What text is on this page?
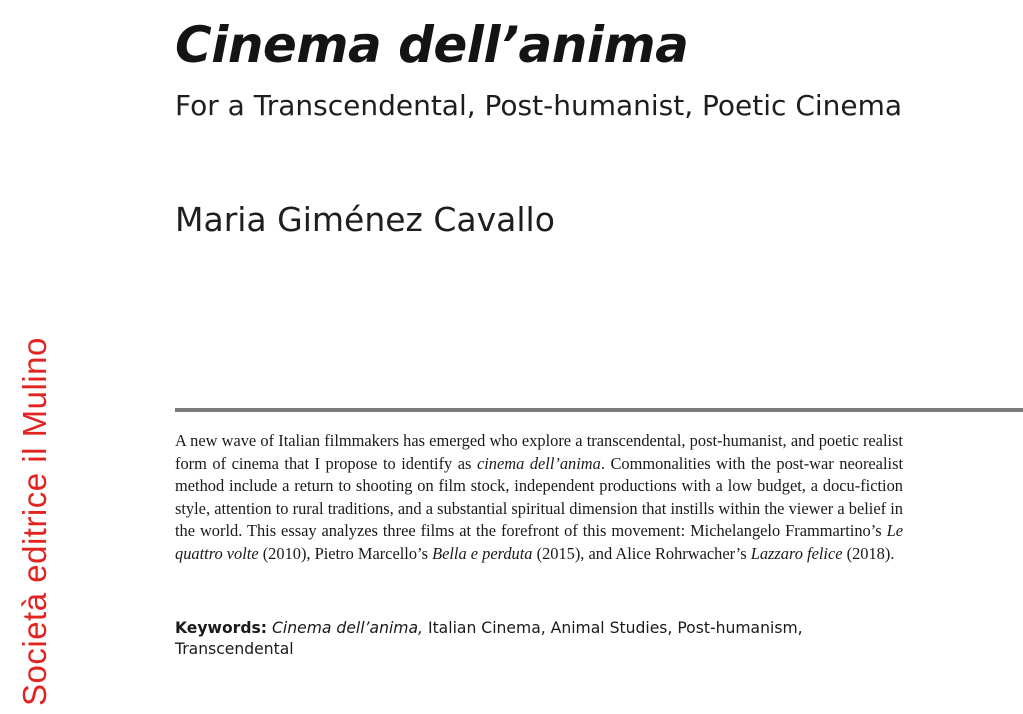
Società editrice il Mulino
Cinema dell’anima
For a Transcendental, Post-humanist, Poetic Cinema
Maria Giménez Cavallo

A new wave of Italian filmmakers has emerged who explore a transcendental, post-humanist, and poetic realist form of cinema that I propose to identify as cinema dell’anima. Commonalities with the post-war neorealist method include a return to shooting on film stock, independent productions with a low budget, a docu-fiction style, attention to rural traditions, and a substantial spiritual dimension that instills within the viewer a belief in the world. This essay analyzes three films at the forefront of this movement: Michelangelo Frammartino’s Le quattro volte (2010), Pietro Marcello’s Bella e perduta (2015), and Alice Rohrwacher’s Lazzaro felice (2018).

Keywords: Cinema dell’anima, Italian Cinema, Animal Studies, Post-humanism, Transcendental
